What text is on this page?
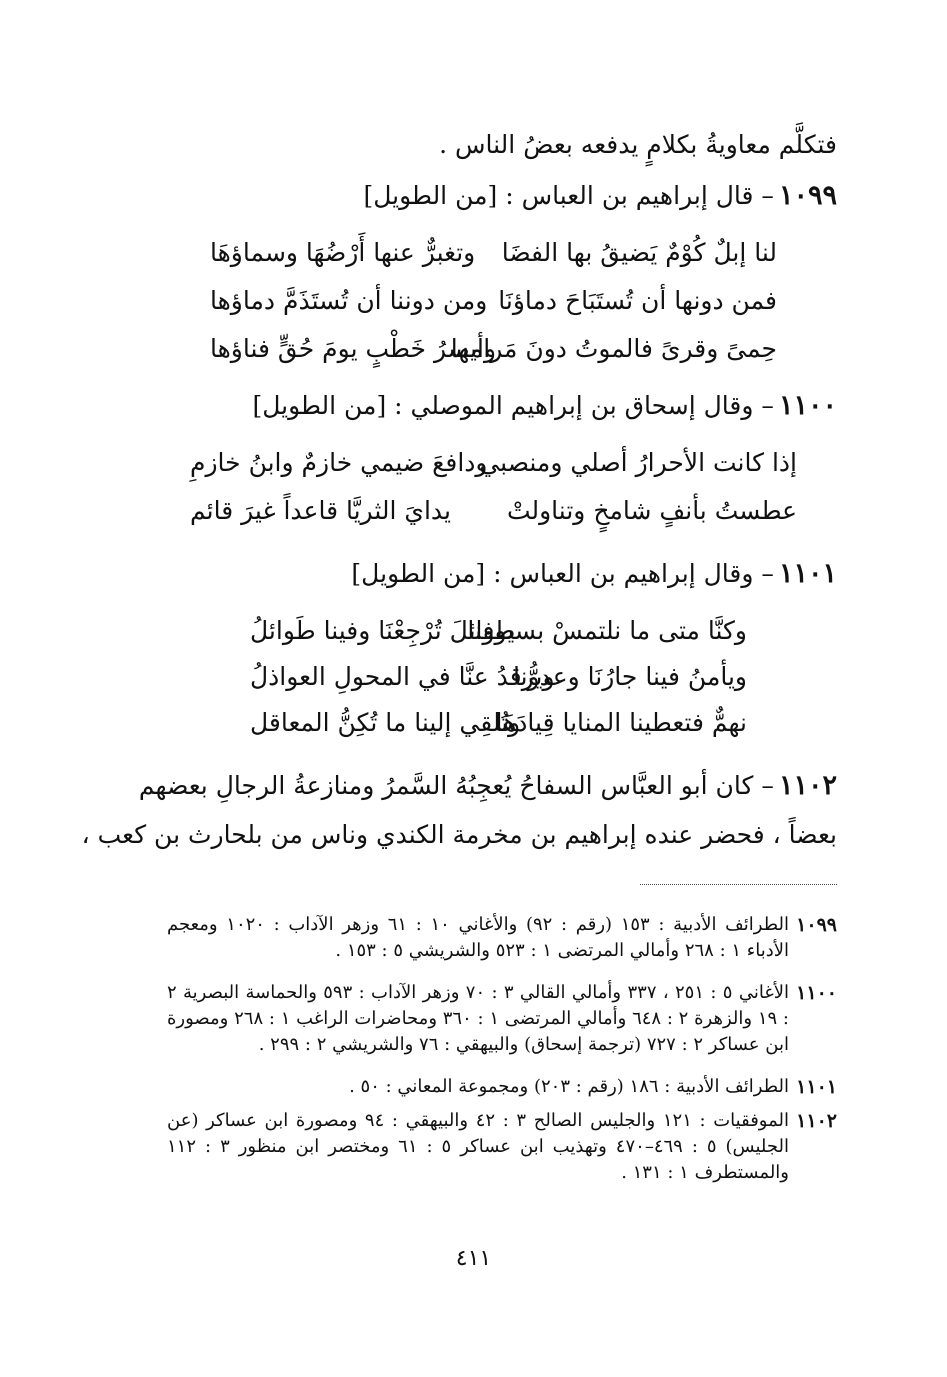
فتكلَّم معاويةُ بكلامٍ يدفعه بعضُ الناس .
١٠٩٩ – قال إبراهيم بن العباس : [من الطويل]
لنا إبلٌ كُوْمٌ يَضيقُ بها الفضَا
وتغبرٌّ عنها أَرْضُهَا وسماؤهَا
فمن دونها أن تُستَبَاحَ دماؤنَا
ومن دوننا أن تُستَذَمَّ دماؤها
حِمىً وقرىً فالموتُ دونَ مَرامها
وأيسرُ خَطْبٍ يومَ حُقٍّ فناؤها
١١٠٠ – وقال إسحاق بن إبراهيم الموصلي : [من الطويل]
إذا كانت الأحرارُ أصلي ومنصبي
ودافعَ ضيمي خازمٌ وابنُ خازمِ
عطستُ بأنفٍ شامخٍ وتناولتْ
يدايَ الثريَّا قاعداً غيرَ قائم
١١٠١ – وقال إبراهيم بن العباس : [من الطويل]
وكنَّا متى ما نلتمسْ بسيوفنا
طوائلَ تُرْجِعْنَا وفينا طَوائلُ
ويأمنُ فينا جارُنَا وعدوُّنا
ويرقدُ عنَّا في المحولِ العواذلُ
نهمٌّ فتعطينا المنايا قِيادَهَا
وتُلقِي إلينا ما تُكِنُّ المعاقل
١١٠٢ – كان أبو العبَّاس السفاحُ يُعجِبُهُ السَّمرُ ومنازعةُ الرجالِ بعضهم
بعضاً ، فحضر عنده إبراهيم بن مخرمة الكندي وناس من بلحارث بن كعب ،
١٠٩٩
الطرائف الأدبية : ١٥٣ (رقم : ٩٢) والأغاني ١٠ : ٦١ وزهر الآداب : ١٠٢٠ ومعجم الأدباء ١ : ٢٦٨ وأمالي المرتضى ١ : ٥٢٣ والشريشي ٥ : ١٥٣ .
١١٠٠
الأغاني ٥ : ٢٥١ ، ٣٣٧ وأمالي القالي ٣ : ٧٠ وزهر الآداب : ٥٩٣ والحماسة البصرية ٢ : ١٩ والزهرة ٢ : ٦٤٨ وأمالي المرتضى ١ : ٣٦٠ ومحاضرات الراغب ١ : ٢٦٨ ومصورة ابن عساكر ٢ : ٧٢٧ (ترجمة إسحاق) والبيهقي : ٧٦ والشريشي ٢ : ٢٩٩ .
١١٠١
الطرائف الأدبية : ١٨٦ (رقم : ٢٠٣) ومجموعة المعاني : ٥٠ .
١١٠٢
الموفقيات : ١٢١ والجليس الصالح ٣ : ٤٢ والبيهقي : ٩٤ ومصورة ابن عساكر (عن الجليس) ٥ : ٤٦٩–٤٧٠ وتهذيب ابن عساكر ٥ : ٦١ ومختصر ابن منظور ٣ : ١١٢ والمستطرف ١ : ١٣١ .
٤١١
